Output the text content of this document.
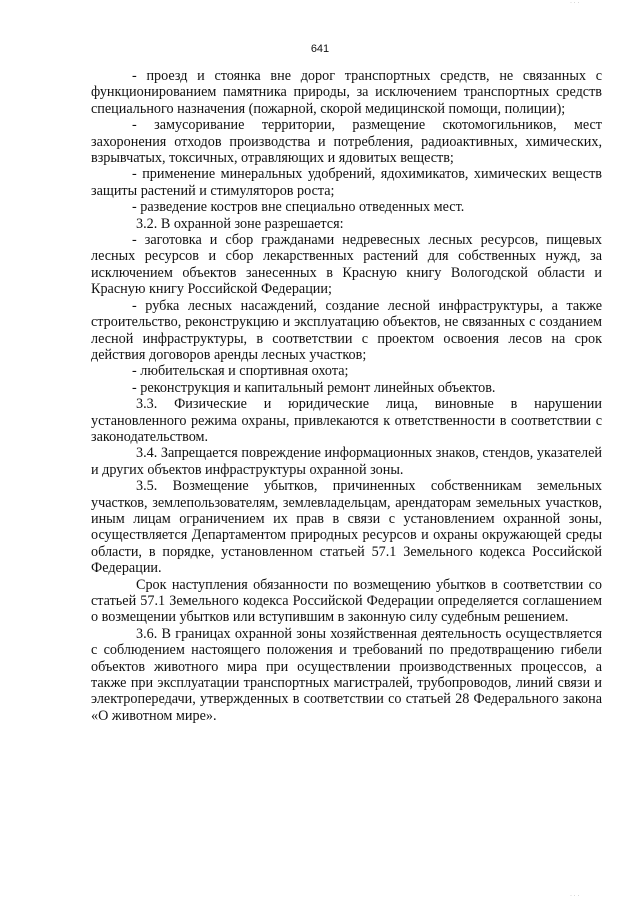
· · ·
641

- проезд и стоянка вне дорог транспортных средств, не связанных с функционированием памятника природы, за исключением транспортных средств специального назначения (пожарной, скорой медицинской помощи, полиции);

- замусоривание территории, размещение скотомогильников, мест захоронения отходов производства и потребления, радиоактивных, химических, взрывчатых, токсичных, отравляющих и ядовитых веществ;

- применение минеральных удобрений, ядохимикатов, химических веществ защиты растений и стимуляторов роста;

- разведение костров вне специально отведенных мест.

3.2. В охранной зоне разрешается:

- заготовка и сбор гражданами недревесных лесных ресурсов, пищевых лесных ресурсов и сбор лекарственных растений для собственных нужд, за исключением объектов занесенных в Красную книгу Вологодской области и Красную книгу Российской Федерации;

- рубка лесных насаждений, создание лесной инфраструктуры, а также строительство, реконструкцию и эксплуатацию объектов, не связанных с созданием лесной инфраструктуры, в соответствии с проектом освоения лесов на срок действия договоров аренды лесных участков;

- любительская и спортивная охота;

- реконструкция и капитальный ремонт линейных объектов.

3.3. Физические и юридические лица, виновные в нарушении установленного режима охраны, привлекаются к ответственности в соответствии с законодательством.

3.4. Запрещается повреждение информационных знаков, стендов, указателей и других объектов инфраструктуры охранной зоны.

3.5. Возмещение убытков, причиненных собственникам земельных участков, землепользователям, землевладельцам, арендаторам земельных участков, иным лицам ограничением их прав в связи с установлением охранной зоны, осуществляется Департаментом природных ресурсов и охраны окружающей среды области, в порядке, установленном статьей 57.1 Земельного кодекса Российской Федерации.

Срок наступления обязанности по возмещению убытков в соответствии со статьей 57.1 Земельного кодекса Российской Федерации определяется соглашением о возмещении убытков или вступившим в законную силу судебным решением.

3.6. В границах охранной зоны хозяйственная деятельность осуществляется с соблюдением настоящего положения и требований по предотвращению гибели объектов животного мира при осуществлении производственных процессов, а также при эксплуатации транспортных магистралей, трубопроводов, линий связи и электропередачи, утвержденных в соответствии со статьей 28 Федерального закона «О животном мире».

· · ·
